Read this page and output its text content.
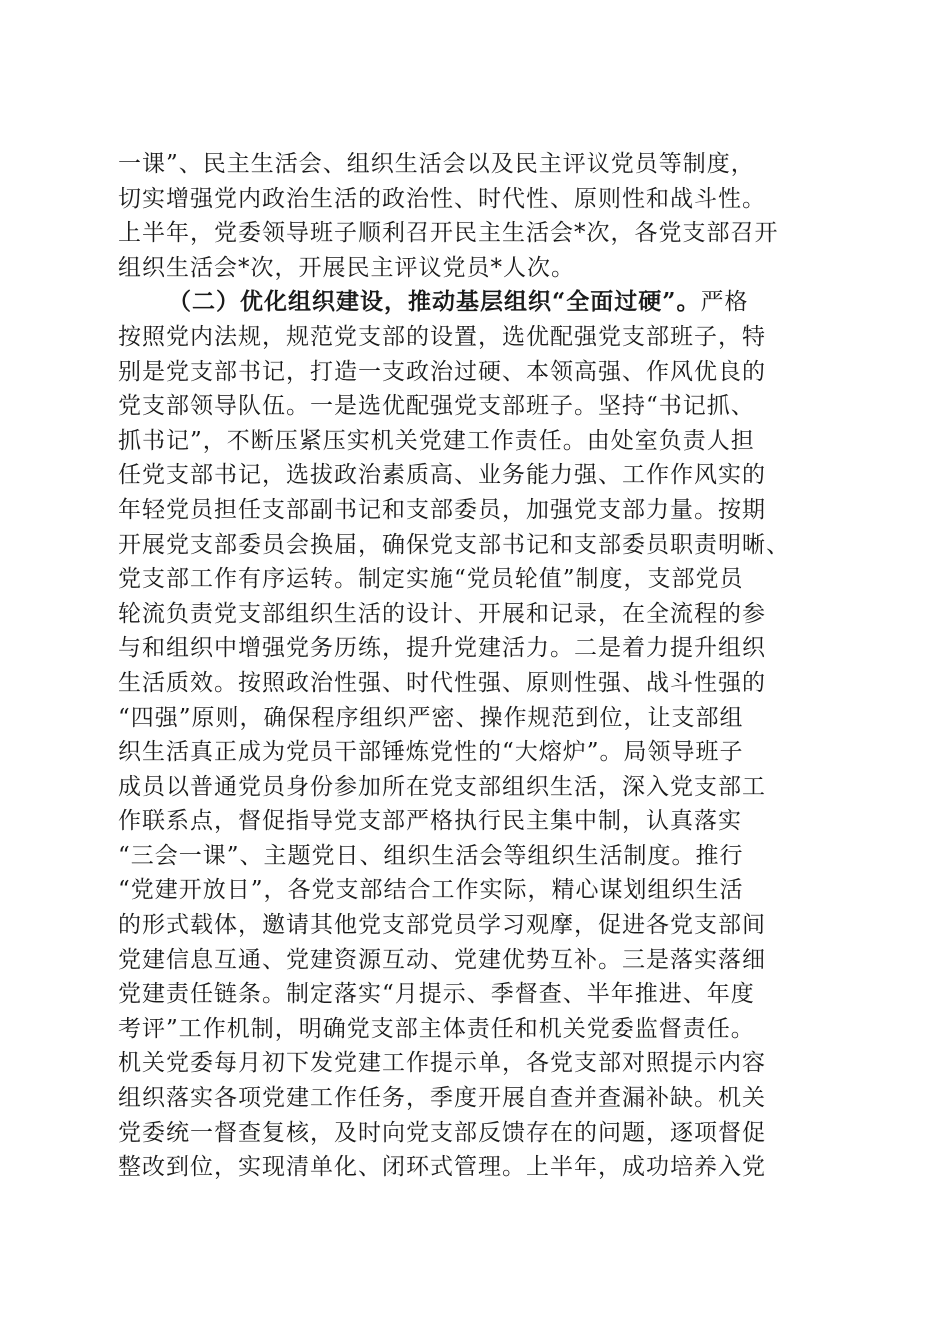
一课”、民主生活会、组织生活会以及民主评议党员等制度，
切实增强党内政治生活的政治性、时代性、原则性和战斗性。
上半年，党委领导班子顺利召开民主生活会*次，各党支部召开
组织生活会*次，开展民主评议党员*人次。
（二）优化组织建设，推动基层组织“全面过硬”。严格
按照党内法规，规范党支部的设置，选优配强党支部班子，特
别是党支部书记，打造一支政治过硬、本领高强、作风优良的
党支部领导队伍。一是选优配强党支部班子。坚持“书记抓、
抓书记”，不断压紧压实机关党建工作责任。由处室负责人担
任党支部书记，选拔政治素质高、业务能力强、工作作风实的
年轻党员担任支部副书记和支部委员，加强党支部力量。按期
开展党支部委员会换届，确保党支部书记和支部委员职责明晰、
党支部工作有序运转。制定实施“党员轮值”制度，支部党员
轮流负责党支部组织生活的设计、开展和记录，在全流程的参
与和组织中增强党务历练，提升党建活力。二是着力提升组织
生活质效。按照政治性强、时代性强、原则性强、战斗性强的
“四强”原则，确保程序组织严密、操作规范到位，让支部组
织生活真正成为党员干部锤炼党性的“大熔炉”。局领导班子
成员以普通党员身份参加所在党支部组织生活，深入党支部工
作联系点，督促指导党支部严格执行民主集中制，认真落实
“三会一课”、主题党日、组织生活会等组织生活制度。推行
“党建开放日”，各党支部结合工作实际，精心谋划组织生活
的形式载体，邀请其他党支部党员学习观摩，促进各党支部间
党建信息互通、党建资源互动、党建优势互补。三是落实落细
党建责任链条。制定落实“月提示、季督查、半年推进、年度
考评”工作机制，明确党支部主体责任和机关党委监督责任。
机关党委每月初下发党建工作提示单，各党支部对照提示内容
组织落实各项党建工作任务，季度开展自查并查漏补缺。机关
党委统一督查复核，及时向党支部反馈存在的问题，逐项督促
整改到位，实现清单化、闭环式管理。上半年，成功培养入党
